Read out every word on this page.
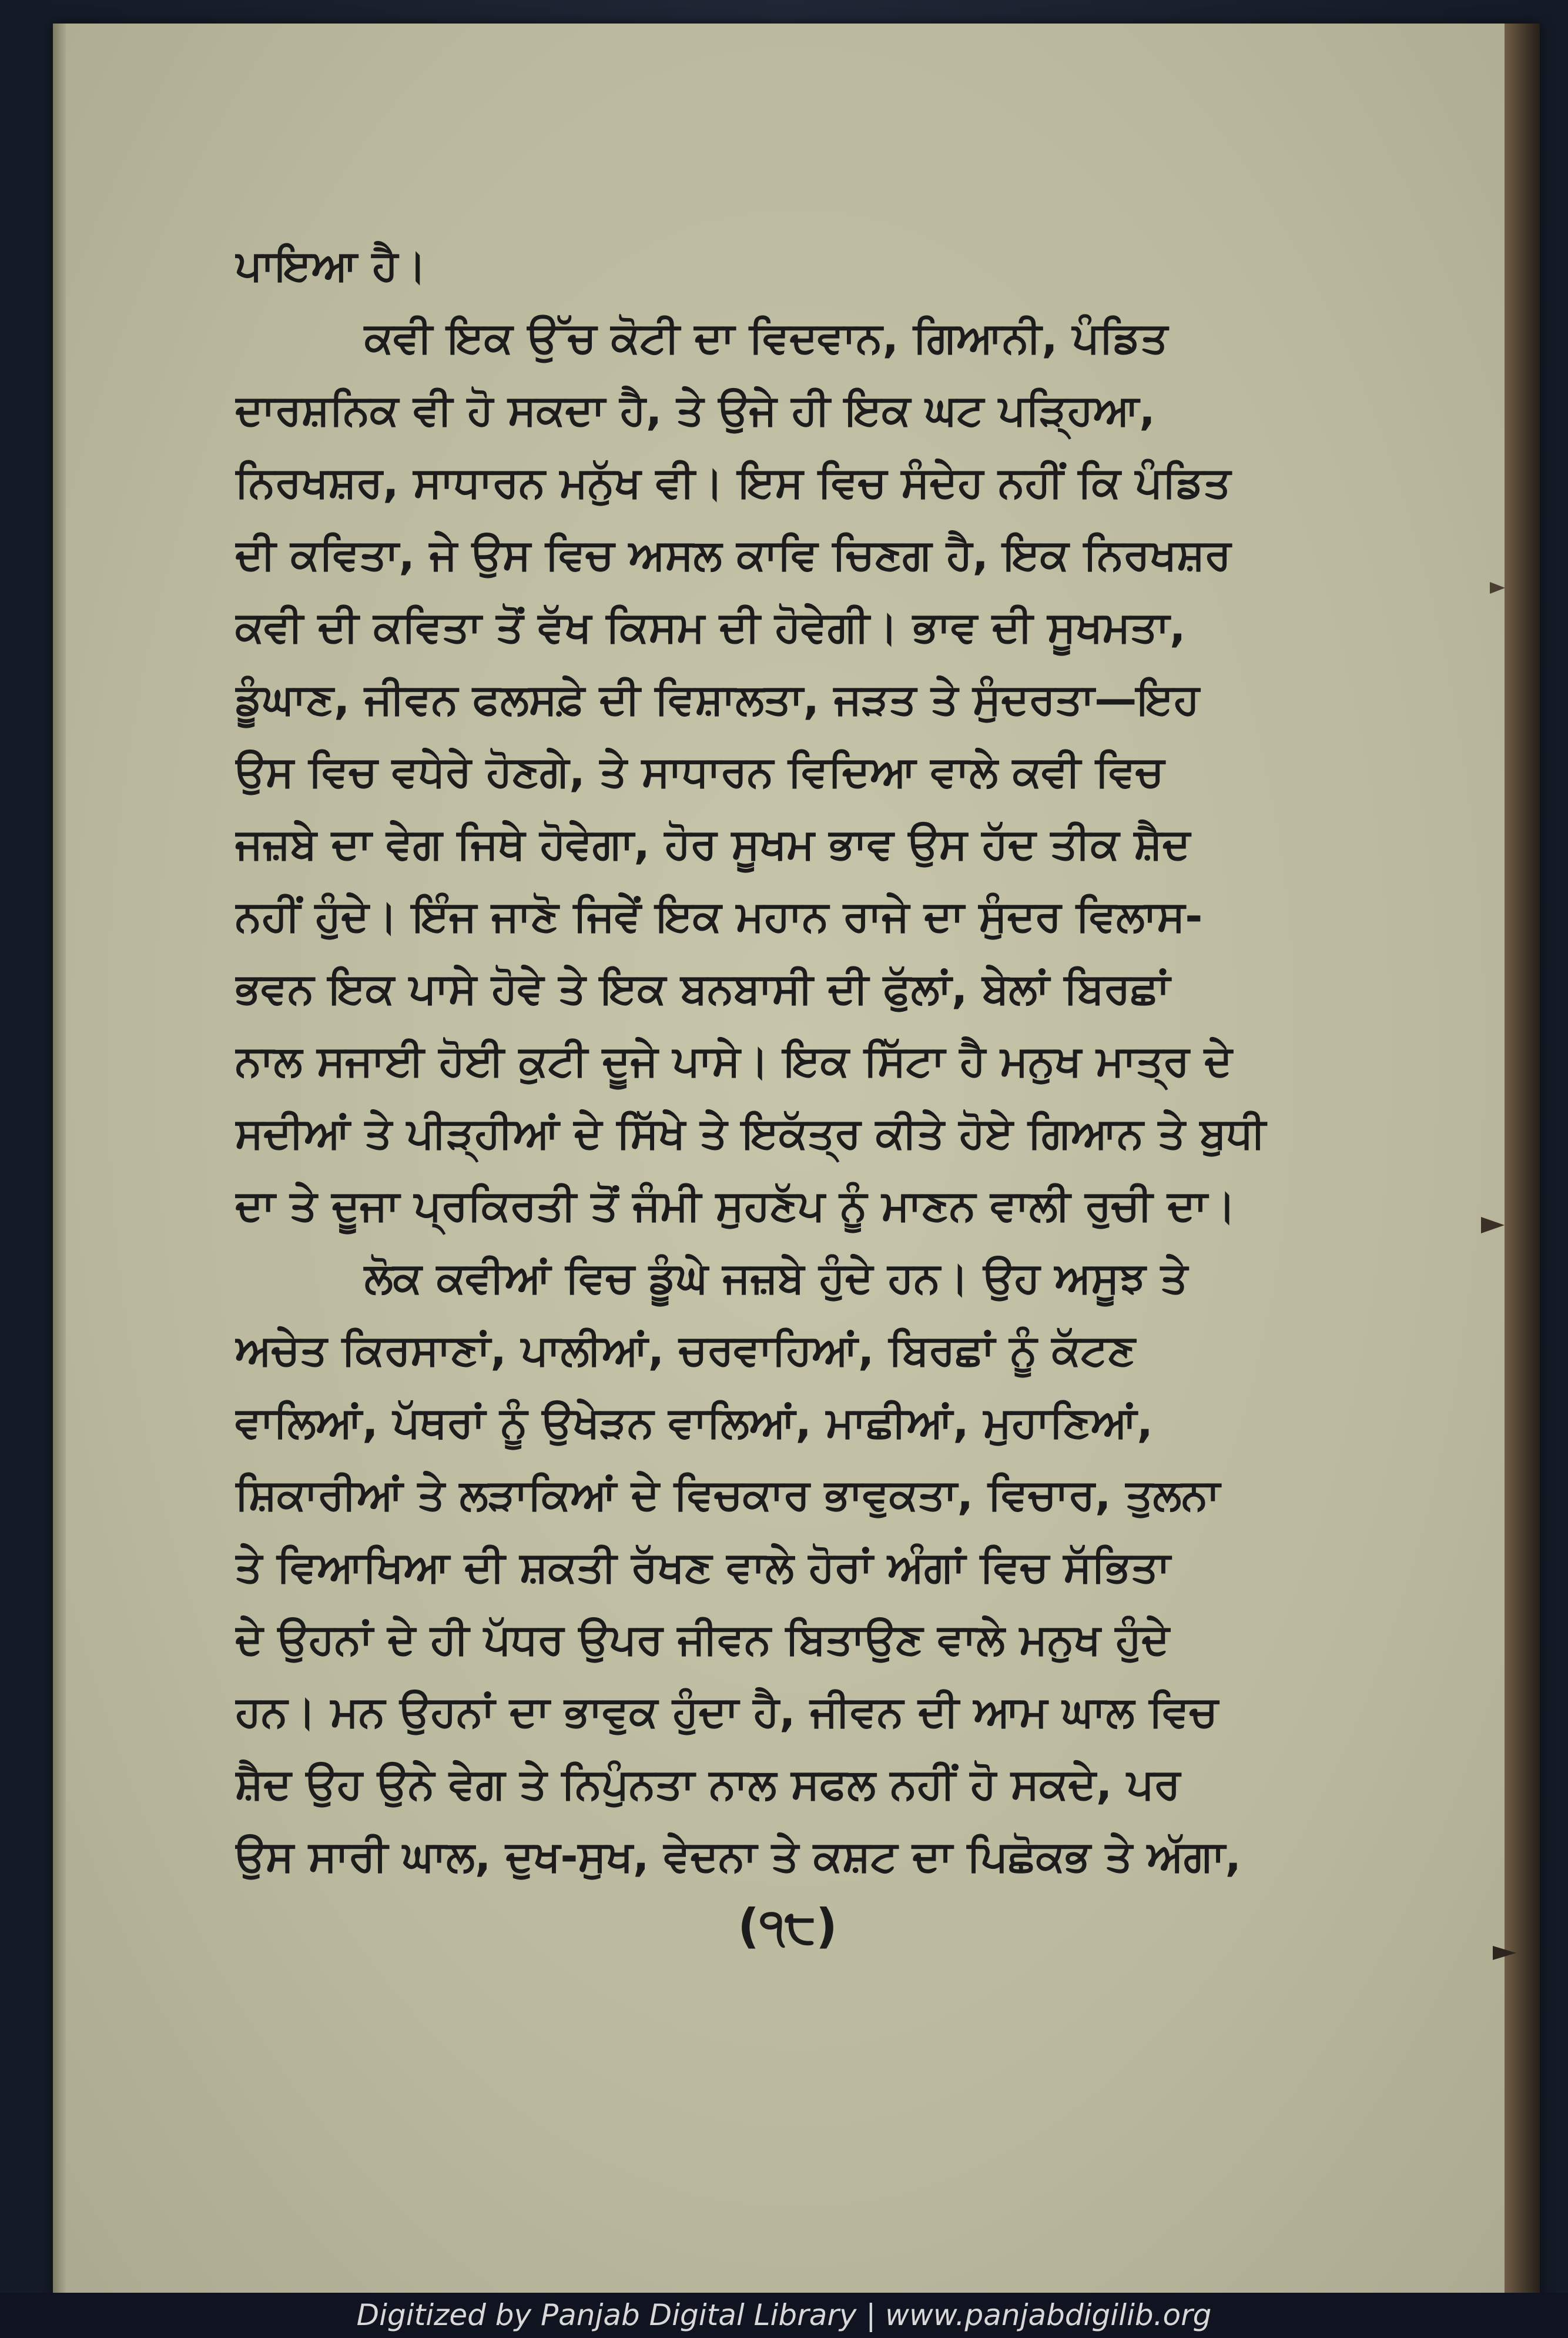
ਪਾਇਆ ਹੈ।
ਕਵੀ ਇਕ ਉੱਚ ਕੋਟੀ ਦਾ ਵਿਦਵਾਨ, ਗਿਆਨੀ, ਪੰਡਿਤ
ਦਾਰਸ਼ਨਿਕ ਵੀ ਹੋ ਸਕਦਾ ਹੈ, ਤੇ ਉਜੇ ਹੀ ਇਕ ਘਟ ਪੜ੍ਹਿਆ,
ਨਿਰਖਸ਼ਰ, ਸਾਧਾਰਨ ਮਨੁੱਖ ਵੀ। ਇਸ ਵਿਚ ਸੰਦੇਹ ਨਹੀਂ ਕਿ ਪੰਡਿਤ
ਦੀ ਕਵਿਤਾ, ਜੇ ਉਸ ਵਿਚ ਅਸਲ ਕਾਵਿ ਚਿਣਗ ਹੈ, ਇਕ ਨਿਰਖਸ਼ਰ
ਕਵੀ ਦੀ ਕਵਿਤਾ ਤੋਂ ਵੱਖ ਕਿਸਮ ਦੀ ਹੋਵੇਗੀ। ਭਾਵ ਦੀ ਸੂਖਮਤਾ,
ਡੂੰਘਾਣ, ਜੀਵਨ ਫਲਸਫ਼ੇ ਦੀ ਵਿਸ਼ਾਲਤਾ, ਜੜਤ ਤੇ ਸੁੰਦਰਤਾ—ਇਹ
ਉਸ ਵਿਚ ਵਧੇਰੇ ਹੋਣਗੇ, ਤੇ ਸਾਧਾਰਨ ਵਿਦਿਆ ਵਾਲੇ ਕਵੀ ਵਿਚ
ਜਜ਼ਬੇ ਦਾ ਵੇਗ ਜਿਥੇ ਹੋਵੇਗਾ, ਹੋਰ ਸੂਖਮ ਭਾਵ ਉਸ ਹੱਦ ਤੀਕ ਸ਼ੈਦ
ਨਹੀਂ ਹੁੰਦੇ। ਇੰਜ ਜਾਣੋ ਜਿਵੇਂ ਇਕ ਮਹਾਨ ਰਾਜੇ ਦਾ ਸੁੰਦਰ ਵਿਲਾਸ-
ਭਵਨ ਇਕ ਪਾਸੇ ਹੋਵੇ ਤੇ ਇਕ ਬਨਬਾਸੀ ਦੀ ਫੁੱਲਾਂ, ਬੇਲਾਂ ਬਿਰਛਾਂ
ਨਾਲ ਸਜਾਈ ਹੋਈ ਕੁਟੀ ਦੂਜੇ ਪਾਸੇ। ਇਕ ਸਿੱਟਾ ਹੈ ਮਨੁਖ ਮਾਤ੍ਰ ਦੇ
ਸਦੀਆਂ ਤੇ ਪੀੜ੍ਹੀਆਂ ਦੇ ਸਿੱਖੇ ਤੇ ਇਕੱਤ੍ਰ ਕੀਤੇ ਹੋਏ ਗਿਆਨ ਤੇ ਬੁਧੀ
ਦਾ ਤੇ ਦੂਜਾ ਪ੍ਰਕਿਰਤੀ ਤੋਂ ਜੰਮੀ ਸੁਹਣੱਪ ਨੂੰ ਮਾਣਨ ਵਾਲੀ ਰੁਚੀ ਦਾ।
ਲੋਕ ਕਵੀਆਂ ਵਿਚ ਡੂੰਘੇ ਜਜ਼ਬੇ ਹੁੰਦੇ ਹਨ। ਉਹ ਅਸੂਝ ਤੇ
ਅਚੇਤ ਕਿਰਸਾਣਾਂ, ਪਾਲੀਆਂ, ਚਰਵਾਹਿਆਂ, ਬਿਰਛਾਂ ਨੂੰ ਕੱਟਣ
ਵਾਲਿਆਂ, ਪੱਥਰਾਂ ਨੂੰ ਉਖੇੜਨ ਵਾਲਿਆਂ, ਮਾਛੀਆਂ, ਮੁਹਾਣਿਆਂ,
ਸ਼ਿਕਾਰੀਆਂ ਤੇ ਲੜਾਕਿਆਂ ਦੇ ਵਿਚਕਾਰ ਭਾਵੁਕਤਾ, ਵਿਚਾਰ, ਤੁਲਨਾ
ਤੇ ਵਿਆਖਿਆ ਦੀ ਸ਼ਕਤੀ ਰੱਖਣ ਵਾਲੇ ਹੋਰਾਂ ਅੰਗਾਂ ਵਿਚ ਸੱਭਿਤਾ
ਦੇ ਉਹਨਾਂ ਦੇ ਹੀ ਪੱਧਰ ਉਪਰ ਜੀਵਨ ਬਿਤਾਉਣ ਵਾਲੇ ਮਨੁਖ ਹੁੰਦੇ
ਹਨ। ਮਨ ਉਹਨਾਂ ਦਾ ਭਾਵੁਕ ਹੁੰਦਾ ਹੈ, ਜੀਵਨ ਦੀ ਆਮ ਘਾਲ ਵਿਚ
ਸ਼ੈਦ ਉਹ ਉਨੇ ਵੇਗ ਤੇ ਨਿਪੁੰਨਤਾ ਨਾਲ ਸਫਲ ਨਹੀਂ ਹੋ ਸਕਦੇ, ਪਰ
ਉਸ ਸਾਰੀ ਘਾਲ, ਦੁਖ-ਸੁਖ, ਵੇਦਨਾ ਤੇ ਕਸ਼ਟ ਦਾ ਪਿਛੋਕਭ ਤੇ ਅੱਗਾ,
(੧੮)
Digitized by Panjab Digital Library | www.panjabdigilib.org
